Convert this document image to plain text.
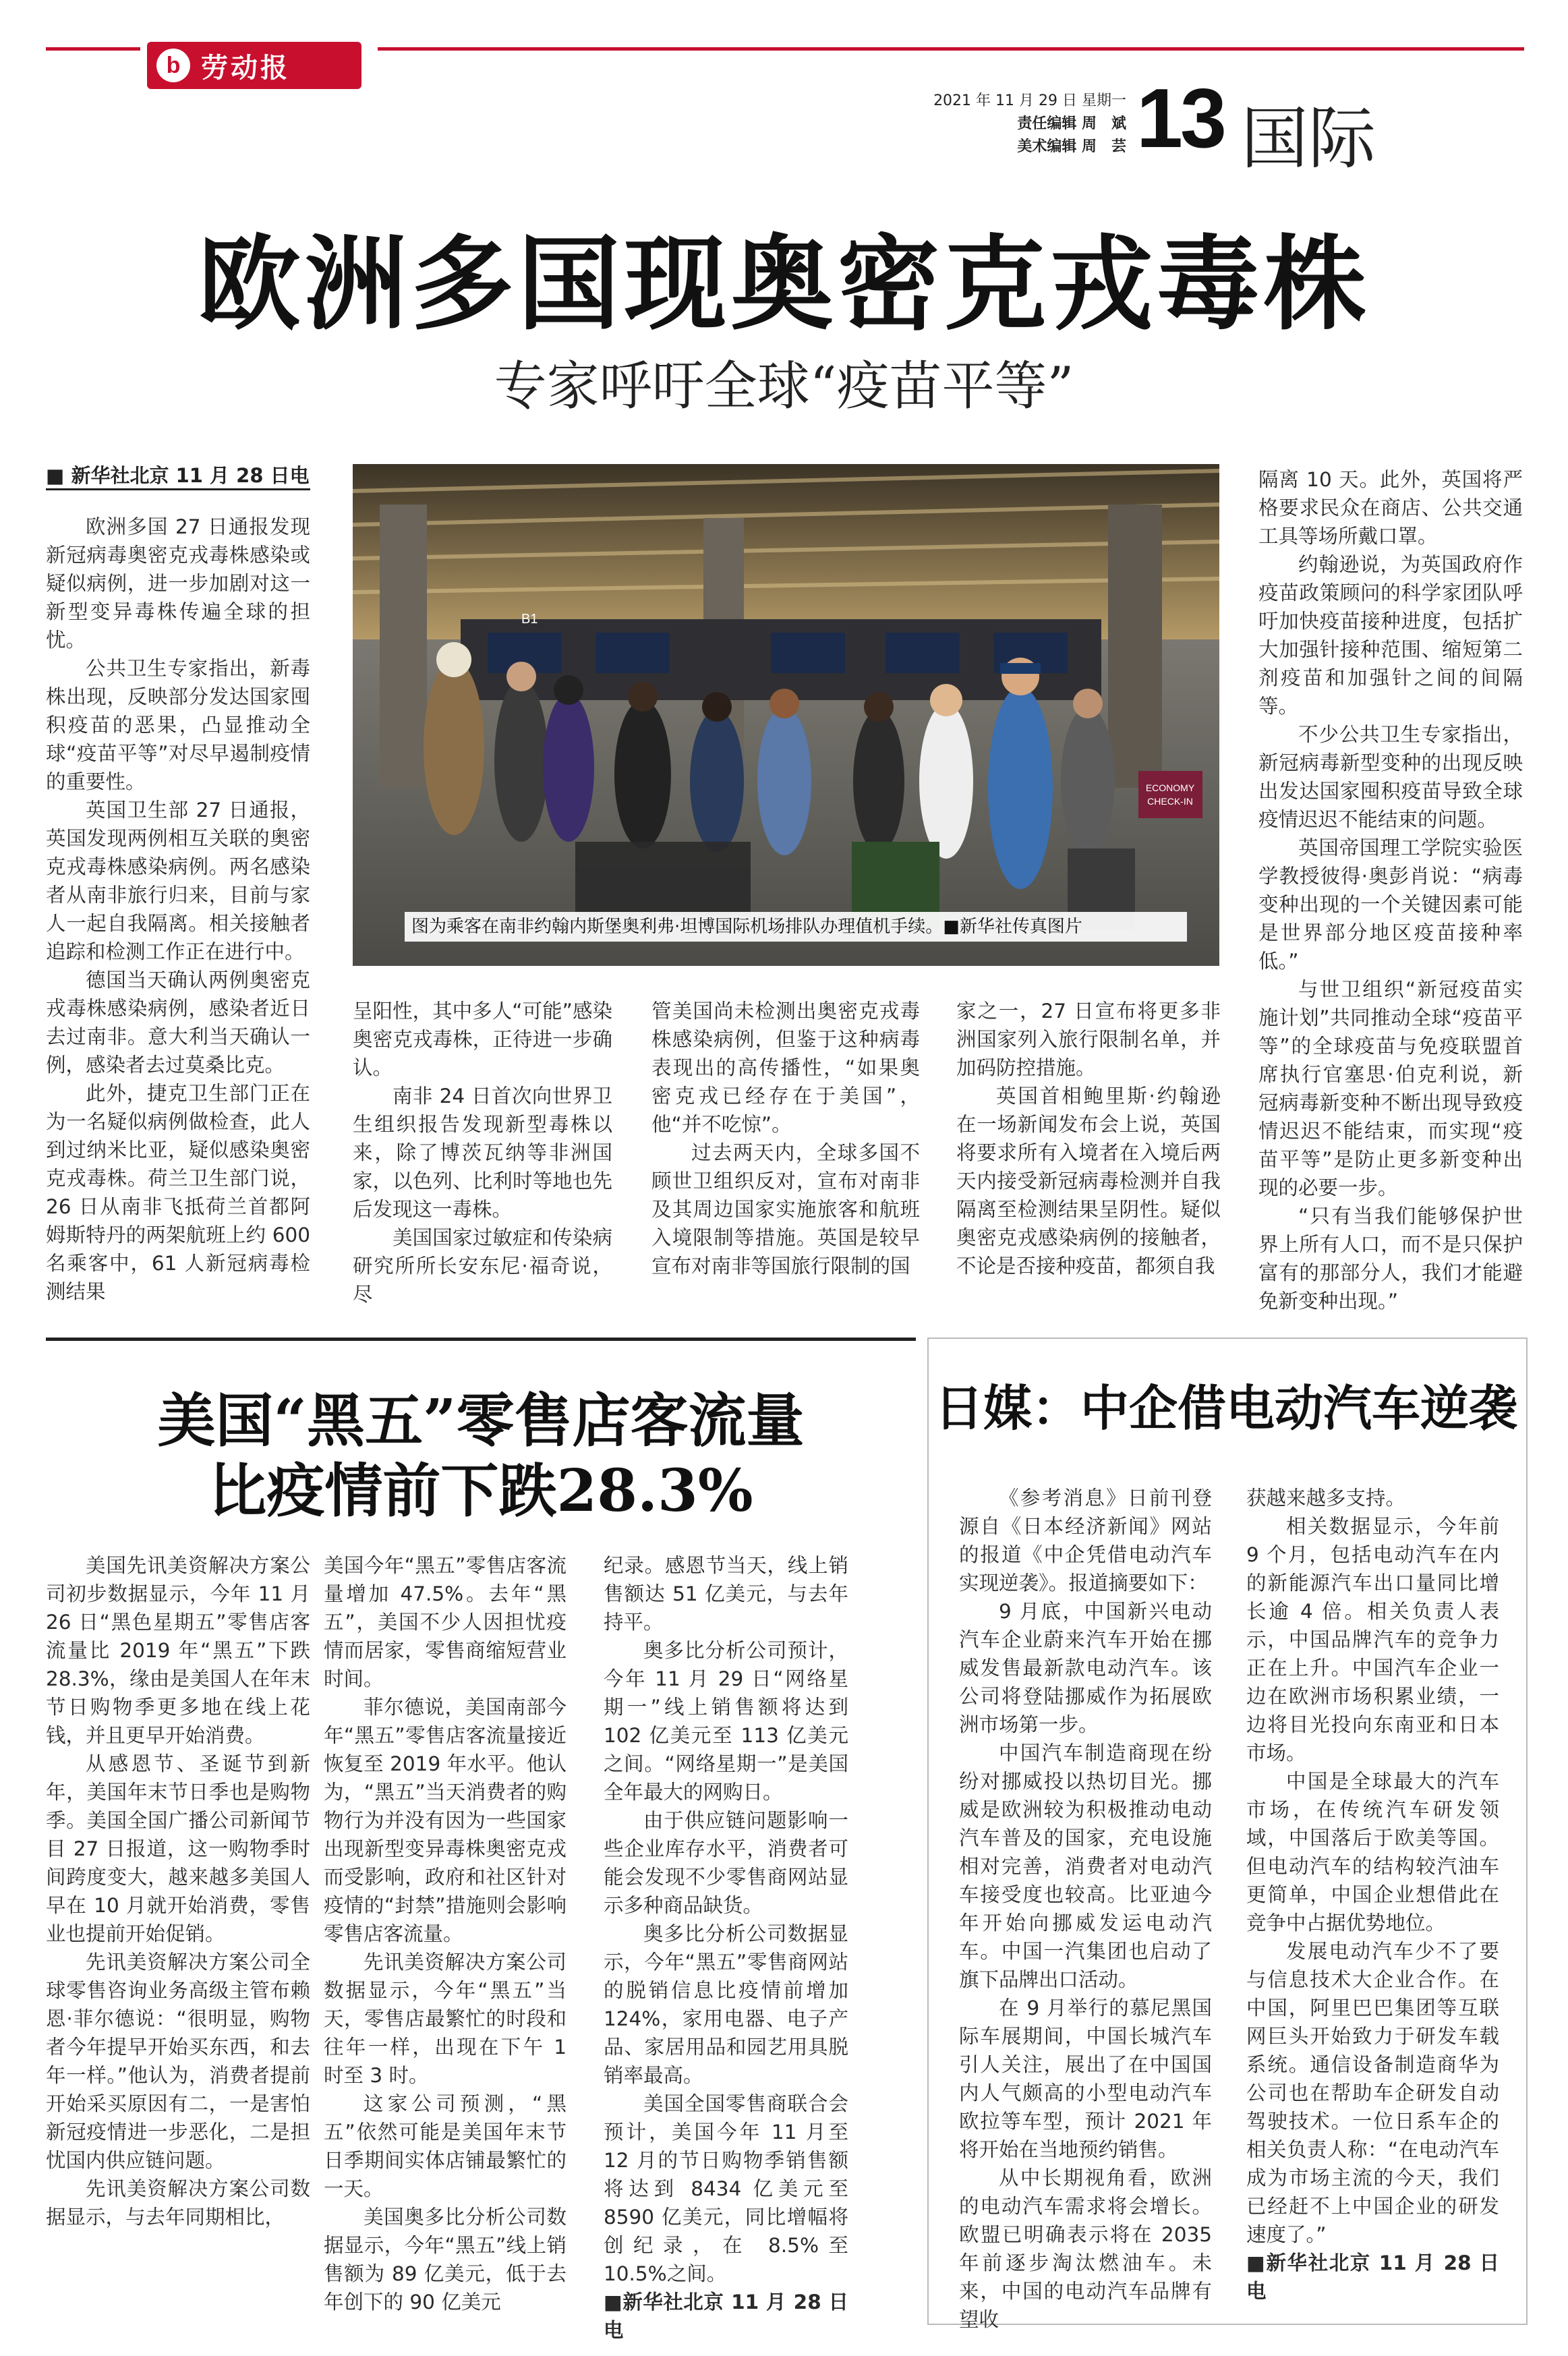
b 劳动报
2021 年 11 月 29 日 星期一
责任编辑 周　斌
美术编辑 周　芸 13 国际
欧洲多国现奥密克戎毒株
专家呼吁全球“疫苗平等”
■ 新华社北京 11 月 28 日电

欧洲多国 27 日通报发现新冠病毒奥密克戎毒株感染或疑似病例，进一步加剧对这一新型变异毒株传遍全球的担忧。

公共卫生专家指出，新毒株出现，反映部分发达国家囤积疫苗的恶果，凸显推动全球“疫苗平等”对尽早遏制疫情的重要性。

英国卫生部 27 日通报，英国发现两例相互关联的奥密克戎毒株感染病例。两名感染者从南非旅行归来，目前与家人一起自我隔离。相关接触者追踪和检测工作正在进行中。

德国当天确认两例奥密克戎毒株感染病例，感染者近日去过南非。意大利当天确认一例，感染者去过莫桑比克。

此外，捷克卫生部门正在为一名疑似病例做检查，此人到过纳米比亚，疑似感染奥密克戎毒株。荷兰卫生部门说，26 日从南非飞抵荷兰首都阿姆斯特丹的两架航班上约 600 名乘客中，61 人新冠病毒检测结果

B1
ECONOMY
CHECK-IN
图为乘客在南非约翰内斯堡奥利弗·坦博国际机场排队办理值机手续。■新华社传真图片

呈阳性，其中多人“可能”感染奥密克戎毒株，正待进一步确认。

南非 24 日首次向世界卫生组织报告发现新型毒株以来，除了博茨瓦纳等非洲国家，以色列、比利时等地也先后发现这一毒株。

美国国家过敏症和传染病研究所所长安东尼·福奇说，尽

管美国尚未检测出奥密克戎毒株感染病例，但鉴于这种病毒表现出的高传播性，“如果奥密克戎已经存在于美国”，他“并不吃惊”。

过去两天内，全球多国不顾世卫组织反对，宣布对南非及其周边国家实施旅客和航班入境限制等措施。英国是较早宣布对南非等国旅行限制的国

家之一，27 日宣布将更多非洲国家列入旅行限制名单，并加码防控措施。

英国首相鲍里斯·约翰逊在一场新闻发布会上说，英国将要求所有入境者在入境后两天内接受新冠病毒检测并自我隔离至检测结果呈阴性。疑似奥密克戎感染病例的接触者，不论是否接种疫苗，都须自我

隔离 10 天。此外，英国将严格要求民众在商店、公共交通工具等场所戴口罩。

约翰逊说，为英国政府作疫苗政策顾问的科学家团队呼吁加快疫苗接种进度，包括扩大加强针接种范围、缩短第二剂疫苗和加强针之间的间隔等。

不少公共卫生专家指出，新冠病毒新型变种的出现反映出发达国家囤积疫苗导致全球疫情迟迟不能结束的问题。

英国帝国理工学院实验医学教授彼得·奥彭肖说：“病毒变种出现的一个关键因素可能是世界部分地区疫苗接种率低。”

与世卫组织“新冠疫苗实施计划”共同推动全球“疫苗平等”的全球疫苗与免疫联盟首席执行官塞思·伯克利说，新冠病毒新变种不断出现导致疫情迟迟不能结束，而实现“疫苗平等”是防止更多新变种出现的必要一步。

“只有当我们能够保护世界上所有人口，而不是只保护富有的那部分人，我们才能避免新变种出现。”

美国“黑五”零售店客流量
比疫情前下跌28.3%

美国先讯美资解决方案公司初步数据显示，今年 11 月 26 日“黑色星期五”零售店客流量比 2019 年“黑五”下跌 28.3%，缘由是美国人在年末节日购物季更多地在线上花钱，并且更早开始消费。

从感恩节、圣诞节到新年，美国年末节日季也是购物季。美国全国广播公司新闻节目 27 日报道，这一购物季时间跨度变大，越来越多美国人早在 10 月就开始消费，零售业也提前开始促销。

先讯美资解决方案公司全球零售咨询业务高级主管布赖恩·菲尔德说：“很明显，购物者今年提早开始买东西，和去年一样。”他认为，消费者提前开始采买原因有二，一是害怕新冠疫情进一步恶化，二是担忧国内供应链问题。

先讯美资解决方案公司数据显示，与去年同期相比，

美国今年“黑五”零售店客流量增加 47.5%。去年“黑五”，美国不少人因担忧疫情而居家，零售商缩短营业时间。

菲尔德说，美国南部今年“黑五”零售店客流量接近恢复至 2019 年水平。他认为，“黑五”当天消费者的购物行为并没有因为一些国家出现新型变异毒株奥密克戎而受影响，政府和社区针对疫情的“封禁”措施则会影响零售店客流量。

先讯美资解决方案公司数据显示，今年“黑五”当天，零售店最繁忙的时段和往年一样，出现在下午 1 时至 3 时。

这家公司预测，“黑五”依然可能是美国年末节日季期间实体店铺最繁忙的一天。

美国奥多比分析公司数据显示，今年“黑五”线上销售额为 89 亿美元，低于去年创下的 90 亿美元

纪录。感恩节当天，线上销售额达 51 亿美元，与去年持平。

奥多比分析公司预计，今年 11 月 29 日“网络星期一”线上销售额将达到 102 亿美元至 113 亿美元之间。“网络星期一”是美国全年最大的网购日。

由于供应链问题影响一些企业库存水平，消费者可能会发现不少零售商网站显示多种商品缺货。

奥多比分析公司数据显示，今年“黑五”零售商网站的脱销信息比疫情前增加 124%，家用电器、电子产品、家居用品和园艺用具脱销率最高。

美国全国零售商联合会预计，美国今年 11 月至 12 月的节日购物季销售额将达到 8434 亿美元至 8590 亿美元，同比增幅将创纪录，在 8.5%至 10.5%之间。

■新华社北京 11 月 28 日电

日媒：中企借电动汽车逆袭

《参考消息》日前刊登源自《日本经济新闻》网站的报道《中企凭借电动汽车实现逆袭》。报道摘要如下：

9 月底，中国新兴电动汽车企业蔚来汽车开始在挪威发售最新款电动汽车。该公司将登陆挪威作为拓展欧洲市场第一步。

中国汽车制造商现在纷纷对挪威投以热切目光。挪威是欧洲较为积极推动电动汽车普及的国家，充电设施相对完善，消费者对电动汽车接受度也较高。比亚迪今年开始向挪威发运电动汽车。中国一汽集团也启动了旗下品牌出口活动。

在 9 月举行的慕尼黑国际车展期间，中国长城汽车引人关注，展出了在中国国内人气颇高的小型电动汽车欧拉等车型，预计 2021 年将开始在当地预约销售。

从中长期视角看，欧洲的电动汽车需求将会增长。欧盟已明确表示将在 2035 年前逐步淘汰燃油车。未来，中国的电动汽车品牌有望收

获越来越多支持。

相关数据显示，今年前 9 个月，包括电动汽车在内的新能源汽车出口量同比增长逾 4 倍。相关负责人表示，中国品牌汽车的竞争力正在上升。中国汽车企业一边在欧洲市场积累业绩，一边将目光投向东南亚和日本市场。

中国是全球最大的汽车市场，在传统汽车研发领域，中国落后于欧美等国。但电动汽车的结构较汽油车更简单，中国企业想借此在竞争中占据优势地位。

发展电动汽车少不了要与信息技术大企业合作。在中国，阿里巴巴集团等互联网巨头开始致力于研发车载系统。通信设备制造商华为公司也在帮助车企研发自动驾驶技术。一位日系车企的相关负责人称：“在电动汽车成为市场主流的今天，我们已经赶不上中国企业的研发速度了。”

■新华社北京 11 月 28 日电
